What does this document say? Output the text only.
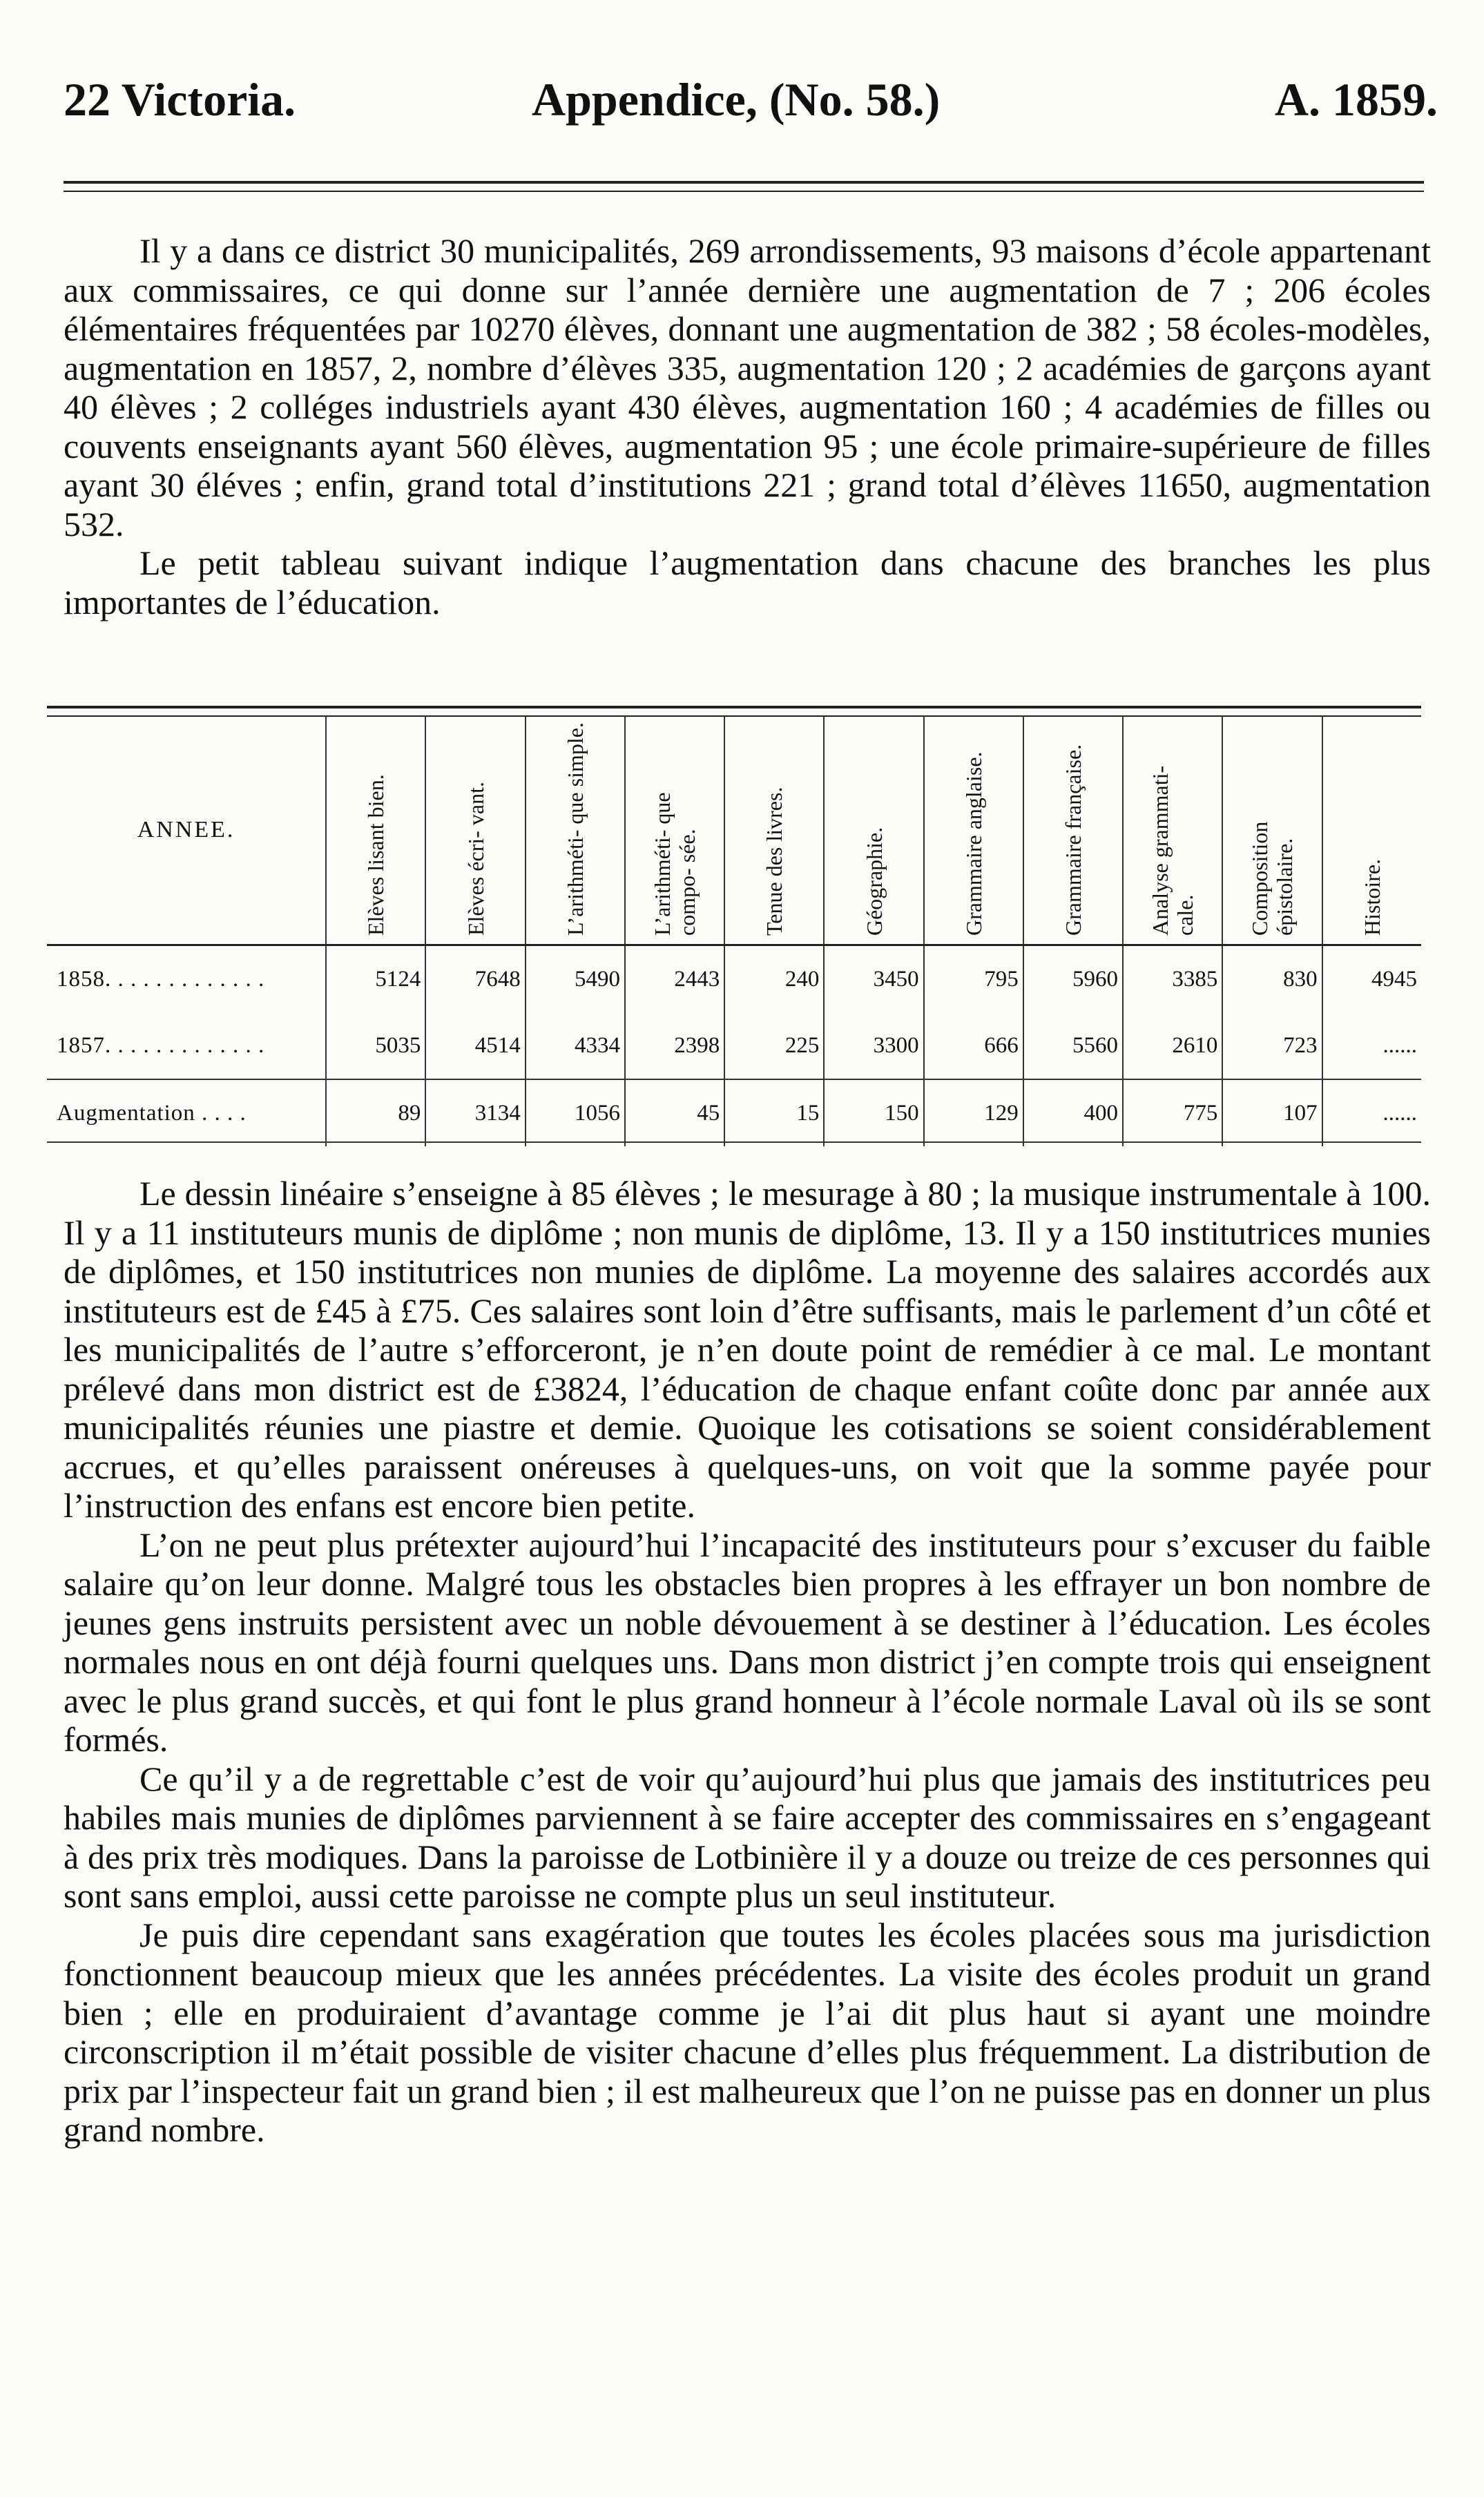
22 Victoria.	Appendice, (No. 58.)	A. 1859.

Il y a dans ce district 30 municipalités, 269 arrondissements, 93 maisons d’école appartenant aux commissaires, ce qui donne sur l’année dernière une augmentation de 7 ; 206 écoles élémentaires fréquentées par 10270 élèves, donnant une augmentation de 382 ; 58 écoles-modèles, augmentation en 1857, 2, nombre d’élèves 335, augmentation 120 ; 2 académies de garçons ayant 40 élèves ; 2 colléges industriels ayant 430 élèves, augmentation 160 ; 4 académies de filles ou couvents enseignants ayant 560 élèves, augmentation 95 ; une école primaire-supérieure de filles ayant 30 éléves ; enfin, grand total d’institutions 221 ; grand total d’élèves 11650, augmentation 532.

Le petit tableau suivant indique l’augmentation dans chacune des branches les plus importantes de l’éducation.

ANNEE.	Elèves lisant bien.	Elèves écri- vant.	L’arithméti- que simple.	L’arithméti- que compo- sée.	Tenue des livres.	Géographie.	Grammaire anglaise.	Grammaire française.	Analyse grammati- cale.	Composition épistolaire.	Histoire.

1858. . . . . . . . . . . . .	5124	7648	5490	2443	240	3450	795	5960	3385	830	4945
1857. . . . . . . . . . . . .	5035	4514	4334	2398	225	3300	666	5560	2610	723	......
Augmentation . . . .	89	3134	1056	45	15	150	129	400	775	107	......

Le dessin linéaire s’enseigne à 85 élèves ; le mesurage à 80 ; la musique instrumentale à 100. Il y a 11 instituteurs munis de diplôme ; non munis de diplôme, 13. Il y a 150 institutrices munies de diplômes, et 150 institutrices non munies de diplôme. La moyenne des salaires accordés aux instituteurs est de £45 à £75. Ces salaires sont loin d’être suffisants, mais le parlement d’un côté et les municipalités de l’autre s’efforceront, je n’en doute point de remédier à ce mal. Le montant prélevé dans mon district est de £3824, l’éducation de chaque enfant coûte donc par année aux municipalités réunies une piastre et demie. Quoique les cotisations se soient considérablement accrues, et qu’elles paraissent onéreuses à quelques-uns, on voit que la somme payée pour l’instruction des enfans est encore bien petite.

L’on ne peut plus prétexter aujourd’hui l’incapacité des instituteurs pour s’excuser du faible salaire qu’on leur donne. Malgré tous les obstacles bien propres à les effrayer un bon nombre de jeunes gens instruits persistent avec un noble dévouement à se destiner à l’éducation. Les écoles normales nous en ont déjà fourni quelques uns. Dans mon district j’en compte trois qui enseignent avec le plus grand succès, et qui font le plus grand honneur à l’école normale Laval où ils se sont formés.

Ce qu’il y a de regrettable c’est de voir qu’aujourd’hui plus que jamais des institutrices peu habiles mais munies de diplômes parviennent à se faire accepter des commissaires en s’engageant à des prix très modiques. Dans la paroisse de Lotbinière il y a douze ou treize de ces personnes qui sont sans emploi, aussi cette paroisse ne compte plus un seul instituteur.

Je puis dire cependant sans exagération que toutes les écoles placées sous ma jurisdiction fonctionnent beaucoup mieux que les années précédentes. La visite des écoles produit un grand bien ; elle en produiraient d’avantage comme je l’ai dit plus haut si ayant une moindre circonscription il m’était possible de visiter chacune d’elles plus fréquemment. La distribution de prix par l’inspecteur fait un grand bien ; il est malheureux que l’on ne puisse pas en donner un plus grand nombre.
